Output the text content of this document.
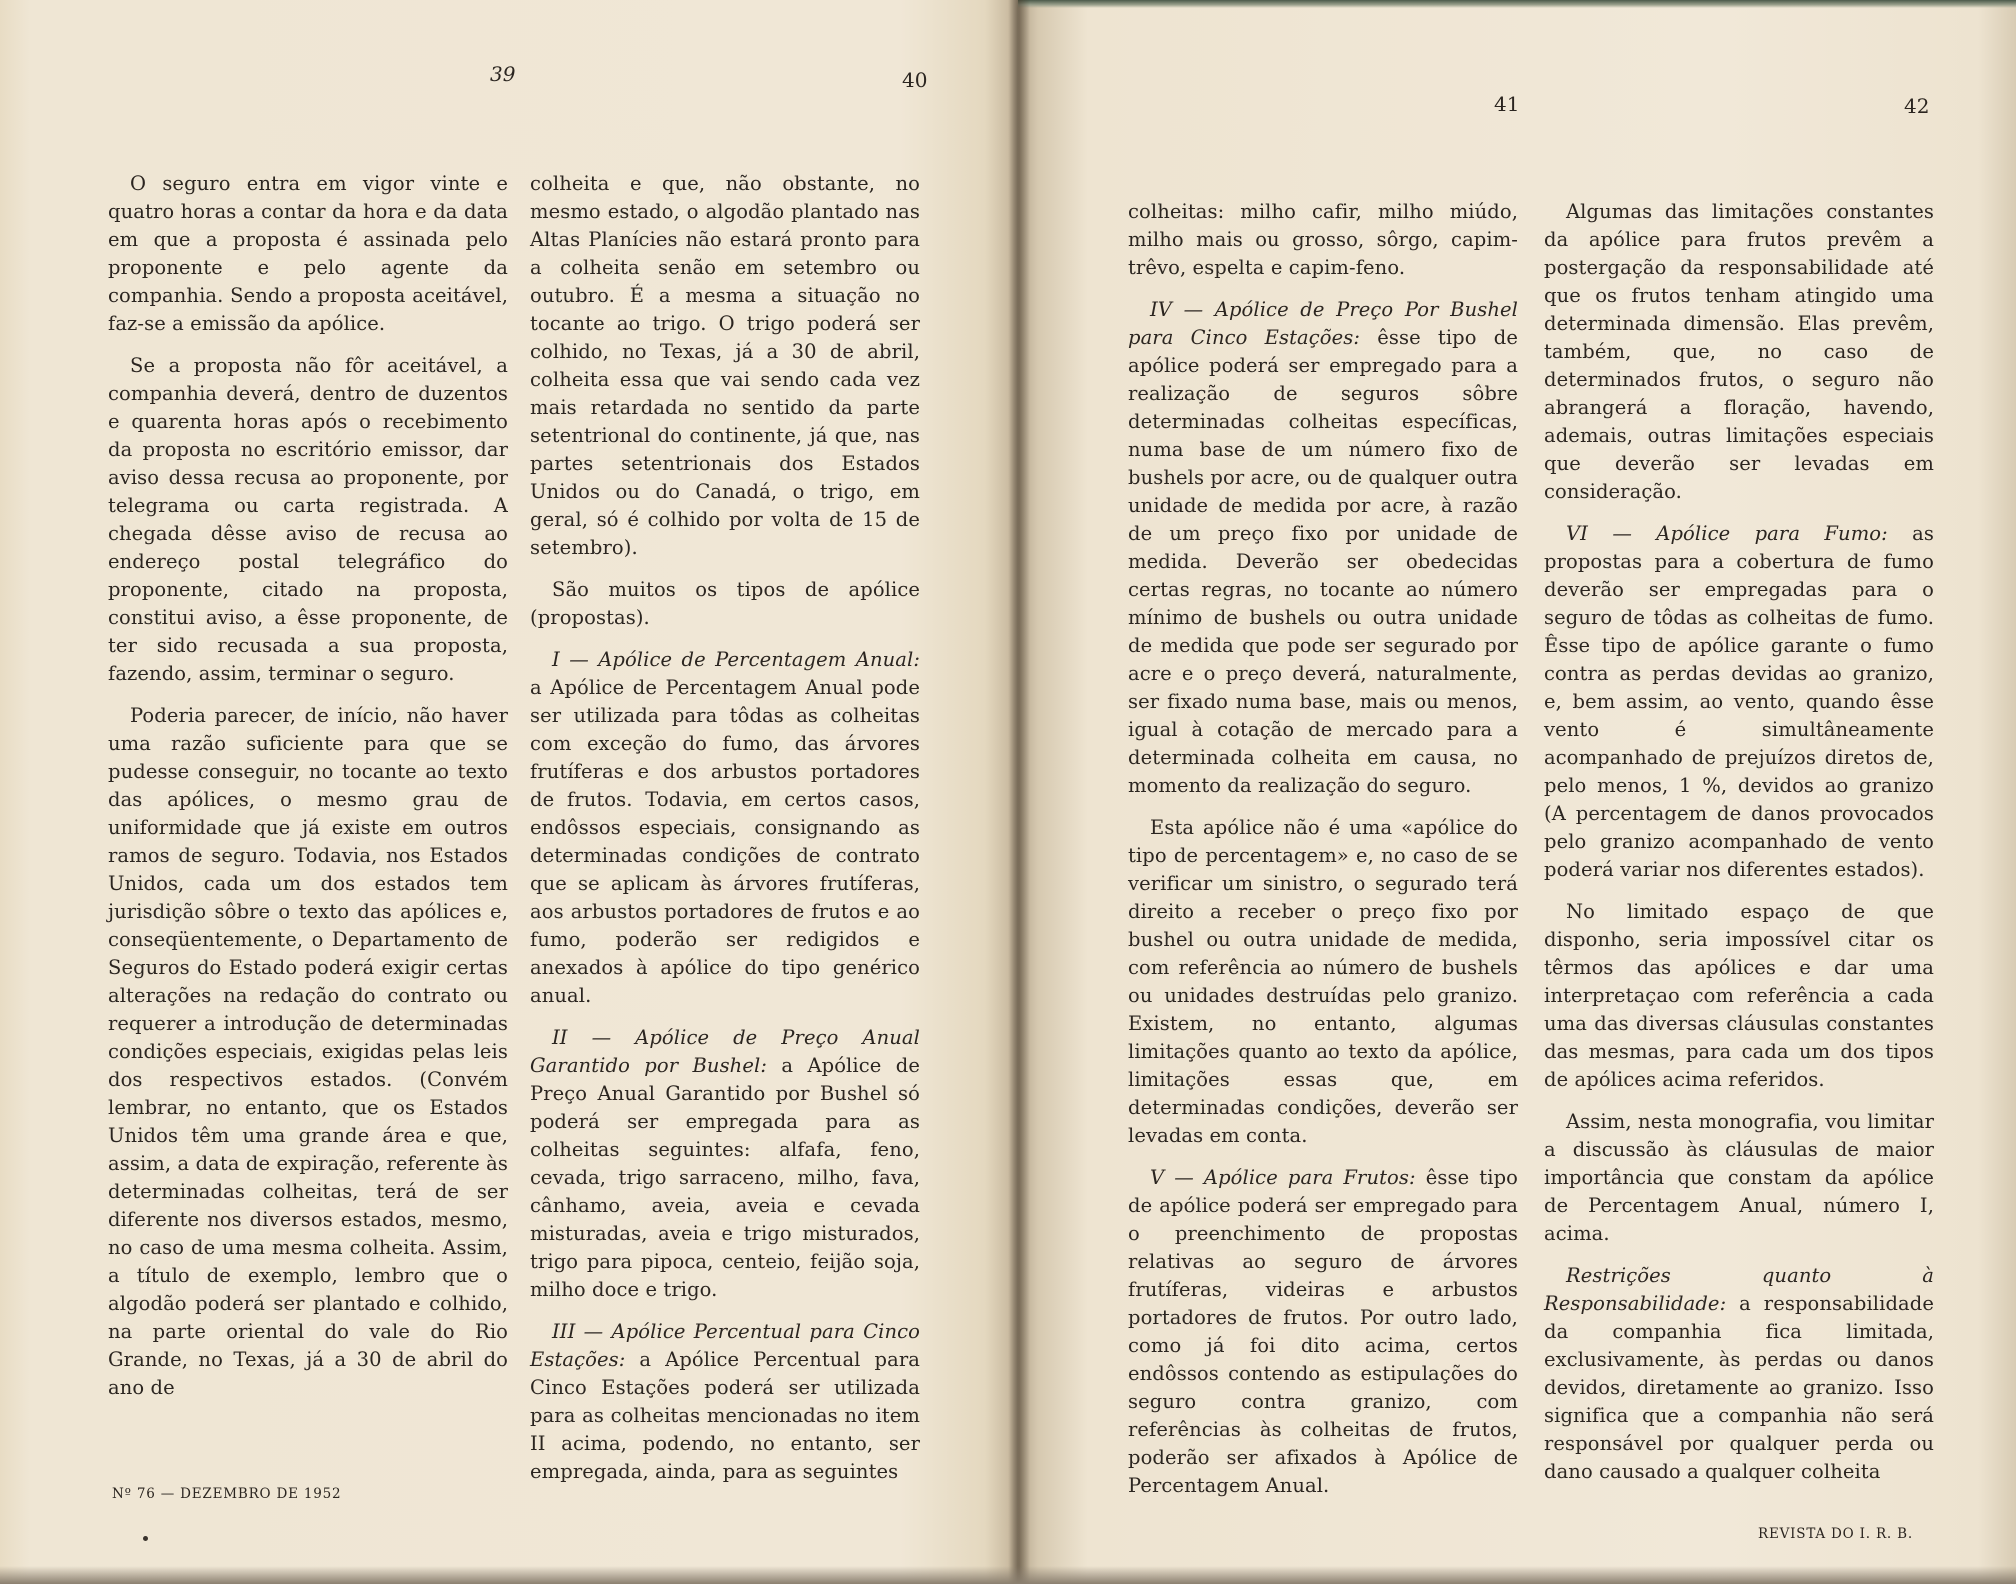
39	40
41	42

O seguro entra em vigor vinte e quatro horas a contar da hora e da data em que a proposta é assinada pelo proponente e pelo agente da companhia. Sendo a proposta aceitável, faz-se a emissão da apólice.

Se a proposta não fôr aceitável, a companhia deverá, dentro de duzentos e quarenta horas após o recebimento da proposta no escritório emissor, dar aviso dessa recusa ao proponente, por telegrama ou carta registrada. A chegada dêsse aviso de recusa ao endereço postal telegráfico do proponente, citado na proposta, constitui aviso, a êsse proponente, de ter sido recusada a sua proposta, fazendo, assim, terminar o seguro.

Poderia parecer, de início, não haver uma razão suficiente para que se pudesse conseguir, no tocante ao texto das apólices, o mesmo grau de uniformidade que já existe em outros ramos de seguro. Todavia, nos Estados Unidos, cada um dos estados tem jurisdição sôbre o texto das apólices e, conseqüentemente, o Departamento de Seguros do Estado poderá exigir certas alterações na redação do contrato ou requerer a introdução de determinadas condições especiais, exigidas pelas leis dos respectivos estados. (Convém lembrar, no entanto, que os Estados Unidos têm uma grande área e que, assim, a data de expiração, referente às determinadas colheitas, terá de ser diferente nos diversos estados, mesmo, no caso de uma mesma colheita. Assim, a título de exemplo, lembro que o algodão poderá ser plantado e colhido, na parte oriental do vale do Rio Grande, no Texas, já a 30 de abril do ano de

colheita e que, não obstante, no mesmo estado, o algodão plantado nas Altas Planícies não estará pronto para a colheita senão em setembro ou outubro. É a mesma a situação no tocante ao trigo. O trigo poderá ser colhido, no Texas, já a 30 de abril, colheita essa que vai sendo cada vez mais retardada no sentido da parte setentrional do continente, já que, nas partes setentrionais dos Estados Unidos ou do Canadá, o trigo, em geral, só é colhido por volta de 15 de setembro).

São muitos os tipos de apólice (propostas).

I — Apólice de Percentagem Anual: a Apólice de Percentagem Anual pode ser utilizada para tôdas as colheitas com exceção do fumo, das árvores frutíferas e dos arbustos portadores de frutos. Todavia, em certos casos, endôssos especiais, consignando as determinadas condições de contrato que se aplicam às árvores frutíferas, aos arbustos portadores de frutos e ao fumo, poderão ser redigidos e anexados à apólice do tipo genérico anual.

II — Apólice de Preço Anual Garantido por Bushel: a Apólice de Preço Anual Garantido por Bushel só poderá ser empregada para as colheitas seguintes: alfafa, feno, cevada, trigo sarraceno, milho, fava, cânhamo, aveia, aveia e cevada misturadas, aveia e trigo misturados, trigo para pipoca, centeio, feijão soja, milho doce e trigo.

III — Apólice Percentual para Cinco Estações: a Apólice Percentual para Cinco Estações poderá ser utilizada para as colheitas mencionadas no item II acima, podendo, no entanto, ser empregada, ainda, para as seguintes

colheitas: milho cafir, milho miúdo, milho mais ou grosso, sôrgo, capim-trêvo, espelta e capim-feno.

IV — Apólice de Preço Por Bushel para Cinco Estações: êsse tipo de apólice poderá ser empregado para a realização de seguros sôbre determinadas colheitas específicas, numa base de um número fixo de bushels por acre, ou de qualquer outra unidade de medida por acre, à razão de um preço fixo por unidade de medida. Deverão ser obedecidas certas regras, no tocante ao número mínimo de bushels ou outra unidade de medida que pode ser segurado por acre e o preço deverá, naturalmente, ser fixado numa base, mais ou menos, igual à cotação de mercado para a determinada colheita em causa, no momento da realização do seguro.

Esta apólice não é uma «apólice do tipo de percentagem» e, no caso de se verificar um sinistro, o segurado terá direito a receber o preço fixo por bushel ou outra unidade de medida, com referência ao número de bushels ou unidades destruídas pelo granizo. Existem, no entanto, algumas limitações quanto ao texto da apólice, limitações essas que, em determinadas condições, deverão ser levadas em conta.

V — Apólice para Frutos: êsse tipo de apólice poderá ser empregado para o preenchimento de propostas relativas ao seguro de árvores frutíferas, videiras e arbustos portadores de frutos. Por outro lado, como já foi dito acima, certos endôssos contendo as estipulações do seguro contra granizo, com referências às colheitas de frutos, poderão ser afixados à Apólice de Percentagem Anual.

Algumas das limitações constantes da apólice para frutos prevêm a postergação da responsabilidade até que os frutos tenham atingido uma determinada dimensão. Elas prevêm, também, que, no caso de determinados frutos, o seguro não abrangerá a floração, havendo, ademais, outras limitações especiais que deverão ser levadas em consideração.

VI — Apólice para Fumo: as propostas para a cobertura de fumo deverão ser empregadas para o seguro de tôdas as colheitas de fumo. Êsse tipo de apólice garante o fumo contra as perdas devidas ao granizo, e, bem assim, ao vento, quando êsse vento é simultâneamente acompanhado de prejuízos diretos de, pelo menos, 1 %, devidos ao granizo (A percentagem de danos provocados pelo granizo acompanhado de vento poderá variar nos diferentes estados).

No limitado espaço de que disponho, seria impossível citar os têrmos das apólices e dar uma interpretaçao com referência a cada uma das diversas cláusulas constantes das mesmas, para cada um dos tipos de apólices acima referidos.

Assim, nesta monografia, vou limitar a discussão às cláusulas de maior importância que constam da apólice de Percentagem Anual, número I, acima.

Restrições quanto à Responsabilidade: a responsabilidade da companhia fica limitada, exclusivamente, às perdas ou danos devidos, diretamente ao granizo. Isso significa que a companhia não será responsável por qualquer perda ou dano causado a qualquer colheita

Nº 76 — DEZEMBRO DE 1952
REVISTA DO I. R. B.
